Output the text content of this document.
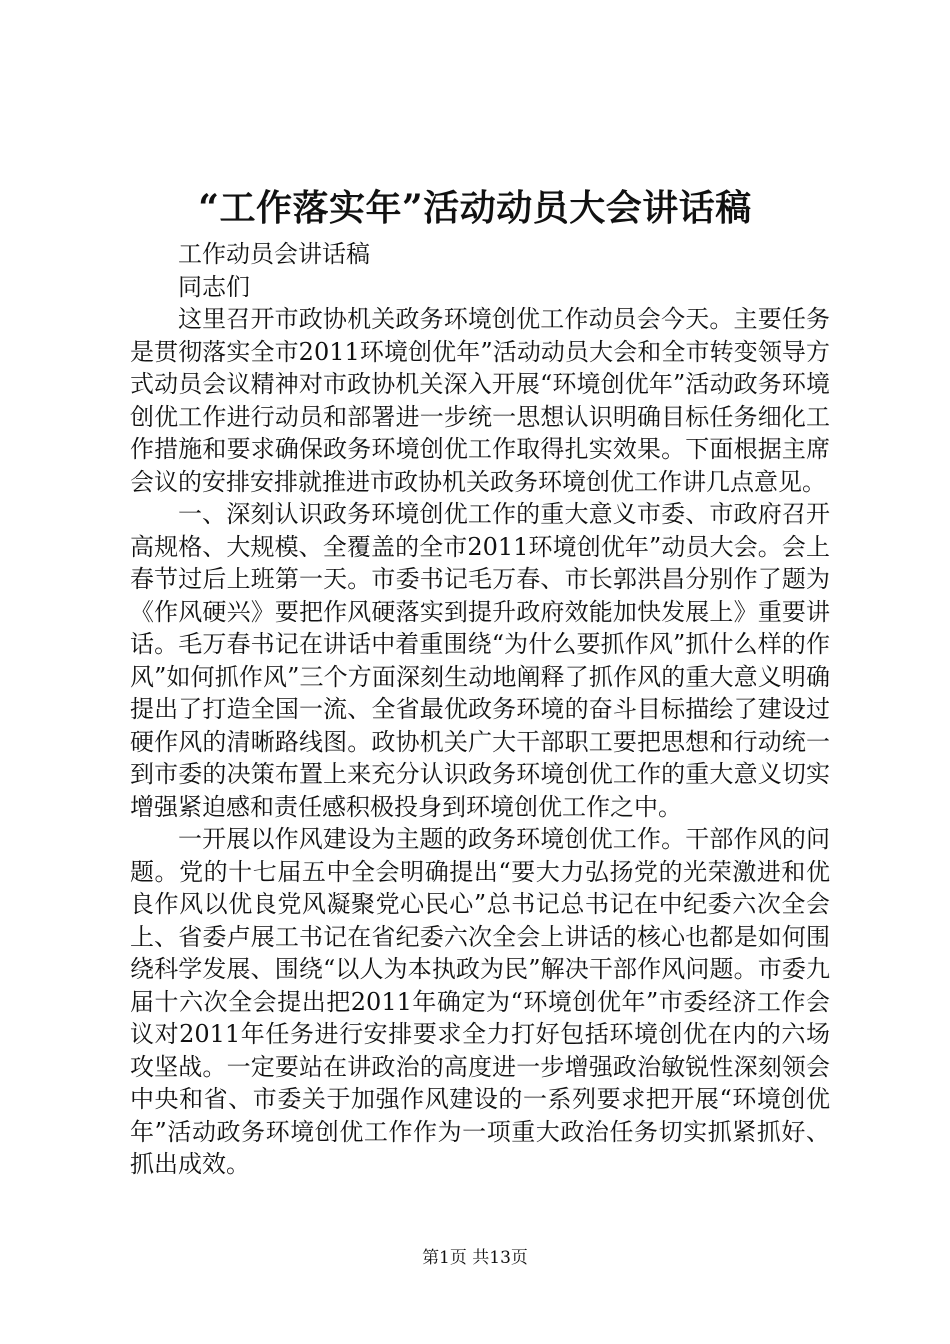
“工作落实年”活动动员大会讲话稿

工作动员会讲话稿

同志们

这里召开市政协机关政务环境创优工作动员会今天。主要任务是贯彻落实全市2011环境创优年”活动动员大会和全市转变领导方式动员会议精神对市政协机关深入开展“环境创优年”活动政务环境创优工作进行动员和部署进一步统一思想认识明确目标任务细化工作措施和要求确保政务环境创优工作取得扎实效果。下面根据主席会议的安排安排就推进市政协机关政务环境创优工作讲几点意见。

一、深刻认识政务环境创优工作的重大意义市委、市政府召开高规格、大规模、全覆盖的全市2011环境创优年”动员大会。会上春节过后上班第一天。市委书记毛万春、市长郭洪昌分别作了题为《作风硬兴》要把作风硬落实到提升政府效能加快发展上》重要讲话。毛万春书记在讲话中着重围绕“为什么要抓作风”抓什么样的作风”如何抓作风”三个方面深刻生动地阐释了抓作风的重大意义明确提出了打造全国一流、全省最优政务环境的奋斗目标描绘了建设过硬作风的清晰路线图。政协机关广大干部职工要把思想和行动统一到市委的决策布置上来充分认识政务环境创优工作的重大意义切实增强紧迫感和责任感积极投身到环境创优工作之中。

一开展以作风建设为主题的政务环境创优工作。干部作风的问题。党的十七届五中全会明确提出“要大力弘扬党的光荣激进和优良作风以优良党风凝聚党心民心”总书记总书记在中纪委六次全会上、省委卢展工书记在省纪委六次全会上讲话的核心也都是如何围绕科学发展、围绕“以人为本执政为民”解决干部作风问题。市委九届十六次全会提出把2011年确定为“环境创优年”市委经济工作会议对2011年任务进行安排要求全力打好包括环境创优在内的六场攻坚战。一定要站在讲政治的高度进一步增强政治敏锐性深刻领会中央和省、市委关于加强作风建设的一系列要求把开展“环境创优年”活动政务环境创优工作作为一项重大政治任务切实抓紧抓好、抓出成效。

第1页 共13页
